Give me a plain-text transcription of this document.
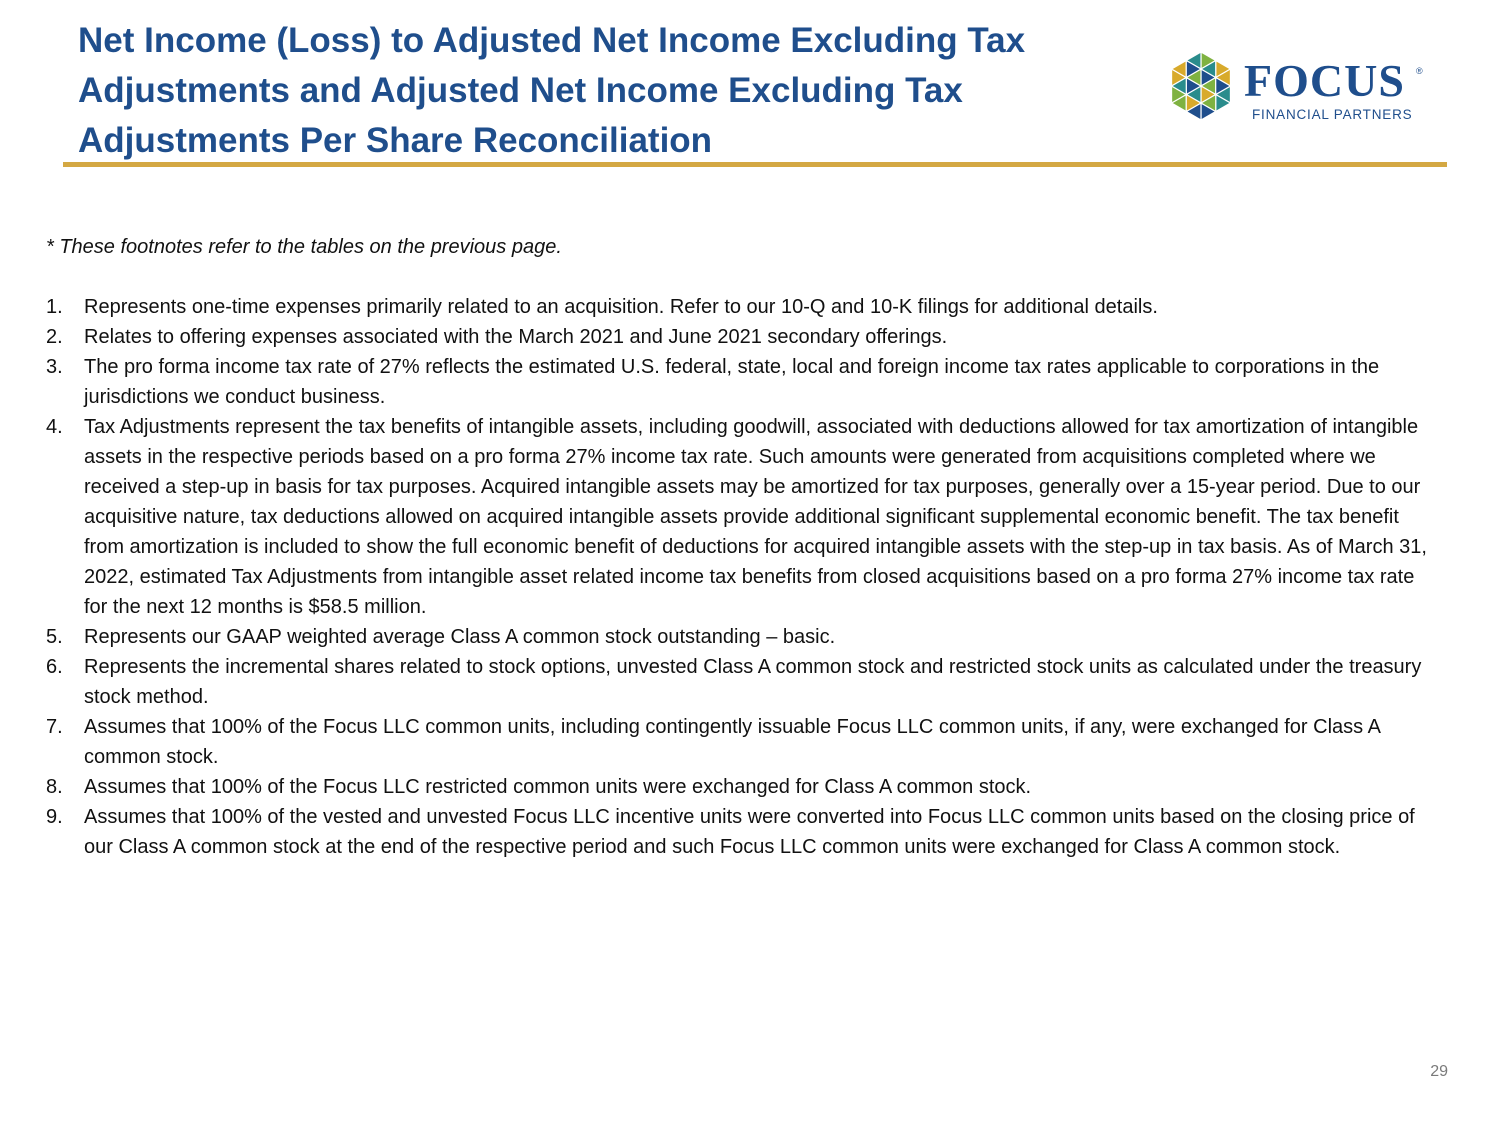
Net Income (Loss) to Adjusted Net Income Excluding Tax
Adjustments and Adjusted Net Income Excluding Tax
Adjustments Per Share Reconciliation
FOCUS ®
FINANCIAL PARTNERS

* These footnotes refer to the tables on the previous page.

1. Represents one-time expenses primarily related to an acquisition. Refer to our 10-Q and 10-K filings for additional details.
2. Relates to offering expenses associated with the March 2021 and June 2021 secondary offerings.
3. The pro forma income tax rate of 27% reflects the estimated U.S. federal, state, local and foreign income tax rates applicable to corporations in the jurisdictions we conduct business.
4. Tax Adjustments represent the tax benefits of intangible assets, including goodwill, associated with deductions allowed for tax amortization of intangible assets in the respective periods based on a pro forma 27% income tax rate. Such amounts were generated from acquisitions completed where we received a step-up in basis for tax purposes. Acquired intangible assets may be amortized for tax purposes, generally over a 15-year period. Due to our acquisitive nature, tax deductions allowed on acquired intangible assets provide additional significant supplemental economic benefit. The tax benefit from amortization is included to show the full economic benefit of deductions for acquired intangible assets with the step-up in tax basis. As of March 31, 2022, estimated Tax Adjustments from intangible asset related income tax benefits from closed acquisitions based on a pro forma 27% income tax rate for the next 12 months is $58.5 million.
5. Represents our GAAP weighted average Class A common stock outstanding – basic.
6. Represents the incremental shares related to stock options, unvested Class A common stock and restricted stock units as calculated under the treasury stock method.
7. Assumes that 100% of the Focus LLC common units, including contingently issuable Focus LLC common units, if any, were exchanged for Class A common stock.
8. Assumes that 100% of the Focus LLC restricted common units were exchanged for Class A common stock.
9. Assumes that 100% of the vested and unvested Focus LLC incentive units were converted into Focus LLC common units based on the closing price of our Class A common stock at the end of the respective period and such Focus LLC common units were exchanged for Class A common stock.
29
